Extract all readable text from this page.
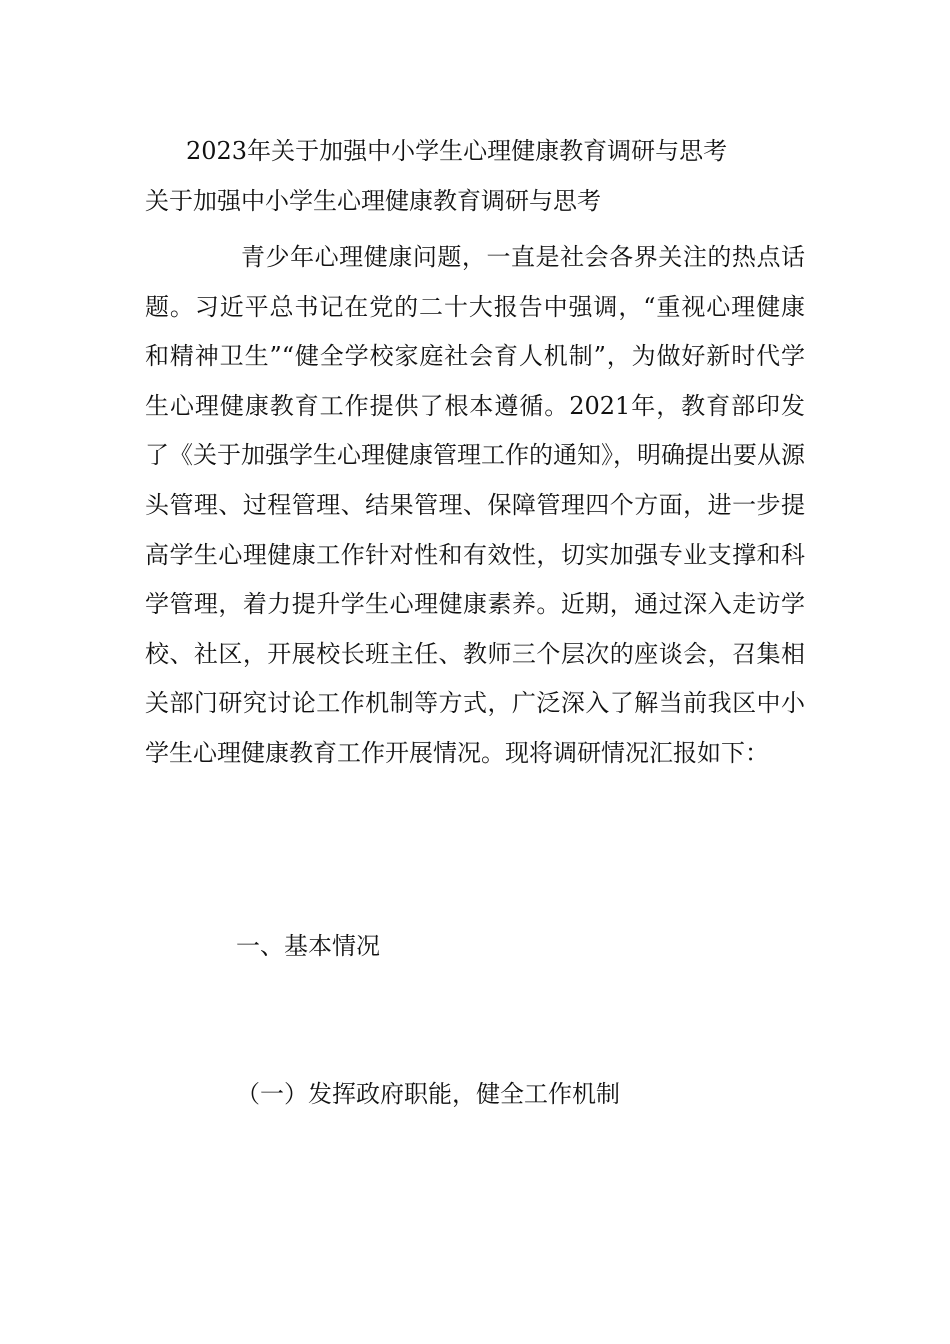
2023年关于加强中小学生心理健康教育调研与思考
关于加强中小学生心理健康教育调研与思考

青少年心理健康问题，一直是社会各界关注的热点话题。习近平总书记在党的二十大报告中强调，“重视心理健康和精神卫生”“健全学校家庭社会育人机制”，为做好新时代学生心理健康教育工作提供了根本遵循。2021年，教育部印发了《关于加强学生心理健康管理工作的通知》，明确提出要从源头管理、过程管理、结果管理、保障管理四个方面，进一步提高学生心理健康工作针对性和有效性，切实加强专业支撑和科学管理，着力提升学生心理健康素养。近期，通过深入走访学校、社区，开展校长班主任、教师三个层次的座谈会，召集相关部门研究讨论工作机制等方式，广泛深入了解当前我区中小学生心理健康教育工作开展情况。现将调研情况汇报如下：

一、基本情况
（一）发挥政府职能，健全工作机制
